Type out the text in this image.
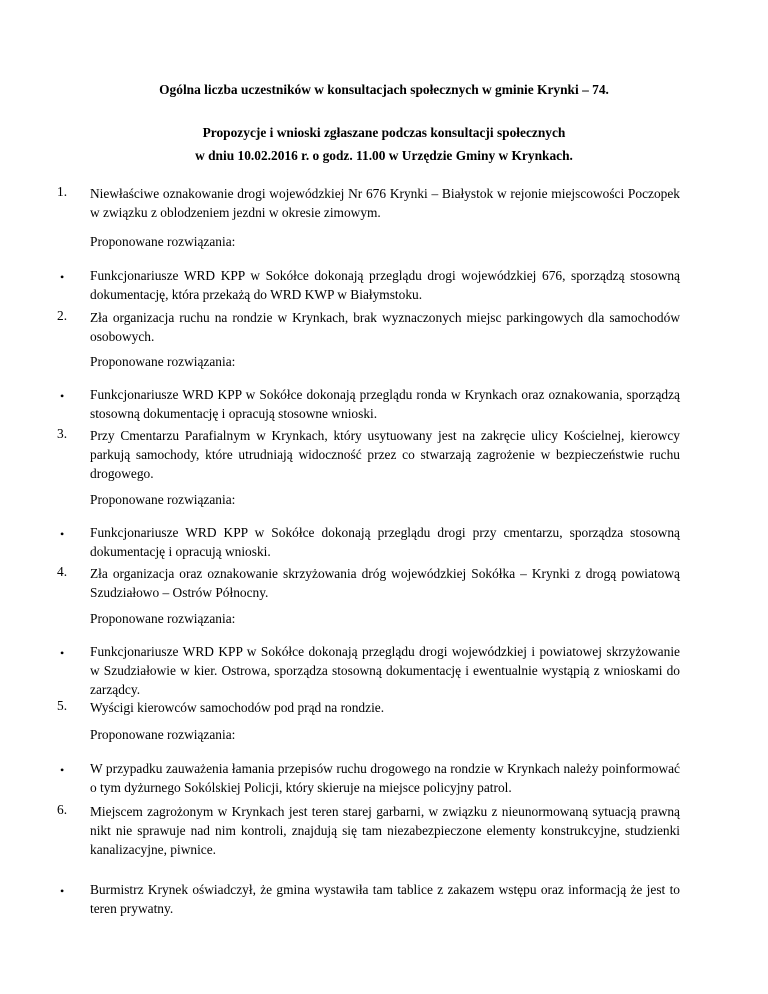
Ogólna liczba uczestników w konsultacjach społecznych w gminie Krynki – 74.
Propozycje i wnioski zgłaszane podczas konsultacji społecznych
w dniu 10.02.2016 r. o godz. 11.00 w Urzędzie Gminy w Krynkach.
1. Niewłaściwe oznakowanie drogi wojewódzkiej Nr 676 Krynki – Białystok w rejonie miejscowości Poczopek w związku z oblodzeniem jezdni w okresie zimowym.
Proponowane rozwiązania:
• Funkcjonariusze WRD KPP w Sokółce dokonają przeglądu drogi wojewódzkiej 676, sporządzą stosowną dokumentację, która przekażą do WRD KWP w Białymstoku.
2. Zła organizacja ruchu na rondzie w Krynkach, brak wyznaczonych miejsc parkingowych dla samochodów osobowych.
Proponowane rozwiązania:
• Funkcjonariusze WRD KPP w Sokółce dokonają przeglądu ronda w Krynkach oraz oznakowania, sporządzą stosowną dokumentację i opracują stosowne wnioski.
3. Przy Cmentarzu Parafialnym w Krynkach, który usytuowany jest na zakręcie ulicy Kościelnej, kierowcy parkują samochody, które utrudniają widoczność przez co stwarzają zagrożenie w bezpieczeństwie ruchu drogowego.
Proponowane rozwiązania:
• Funkcjonariusze WRD KPP w Sokółce dokonają przeglądu drogi przy cmentarzu, sporządza stosowną dokumentację i opracują wnioski.
4. Zła organizacja oraz oznakowanie skrzyżowania dróg wojewódzkiej Sokółka – Krynki z drogą powiatową Szudziałowo – Ostrów Północny.
Proponowane rozwiązania:
• Funkcjonariusze WRD KPP w Sokółce dokonają przeglądu drogi wojewódzkiej i powiatowej skrzyżowanie w Szudziałowie w kier. Ostrowa, sporządza stosowną dokumentację i ewentualnie wystąpią z wnioskami do zarządcy.
5. Wyścigi kierowców samochodów pod prąd na rondzie.
Proponowane rozwiązania:
• W przypadku zauważenia łamania przepisów ruchu drogowego na rondzie w Krynkach należy poinformować o tym dyżurnego Sokólskiej Policji, który skieruje na miejsce policyjny patrol.
6. Miejscem zagrożonym w Krynkach jest teren starej garbarni, w związku z nieunormowaną sytuacją prawną nikt nie sprawuje nad nim kontroli, znajdują się tam niezabezpieczone elementy konstrukcyjne, studzienki kanalizacyjne, piwnice.
• Burmistrz Krynek oświadczył, że gmina wystawiła tam tablice z zakazem wstępu oraz informacją że jest to teren prywatny.
